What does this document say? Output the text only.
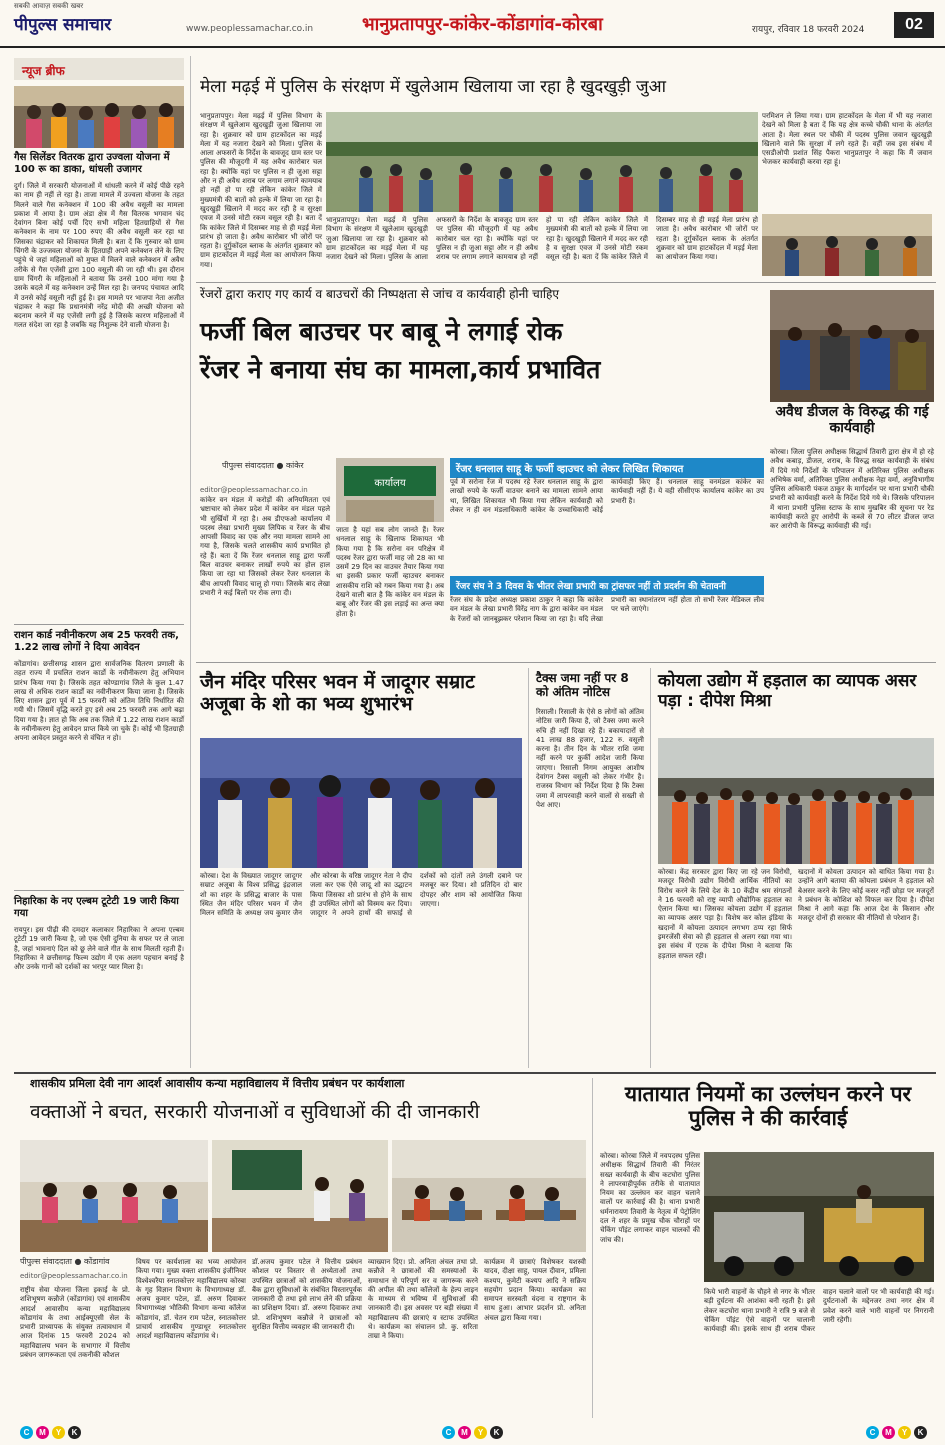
सबकी आवाज़ सबकी खबर
पीपुल्स समाचार	www.peoplessamachar.co.in	भानुप्रतापपुर-कांकेर-कोंडागांव-कोरबा	रायपुर, रविवार 18 फरवरी 2024	02
न्यूज ब्रीफ
गैस सिलेंडर वितरक द्वारा उज्वला योजना में 100 रू का डाका, धांधली उजागर
दुर्ग। जिले में सरकारी योजनाओं में धांधली करने में कोई पीछे रहने का नाम ही नहीं ले रहा है। ताजा मामले में उज्वला योजना के तहत मिलने वाले गैस कनेक्शन में 100 की अवैध वसूली का मामला प्रकाश में आया है। ग्राम अंडा क्षेत्र में गैस वितरक भगवान चंद देवांगन बिना कोई पर्ची दिए सभी महिला हितग्राहियों से गैस कनेक्शन के नाम पर 100 रुपए की अवैध वसूली कर रहा था जिसका चंद्राकर को शिकायत मिली है। बता दें कि गुरुवार को ग्राम चिंगरी के उज्जवला योजना के हितग्राही अपने कनेक्शन लेने के लिए पहुंचे थे जहां महिलाओं को मुफ्त में मिलने वाले कनेक्शन में अवैध तरीके से गैस एजेंसी द्वारा 100 वसूली की जा रही थी। इस दौरान ग्राम चिंगरी के महिलाओं ने बताया कि उनसे 100 मांगा गया है उसके बदले में वह कनेक्शन उन्हें मिल रहा है। जनपद पंचायत आदि में उनसे कोई वसूली नहीं हुई है। इस मामले पर भाजपा नेता अजीत चंद्राकर ने कहा कि प्रधानमंत्री नरेंद्र मोदी की अच्छी योजना को बदनाम करने में यह एजेंसी लगी हुई है जिसके कारण महिलाओं में गलत संदेश जा रहा है जबकि यह निशुल्क देने वाली योजना है।
राशन कार्ड नवीनीकरण अब 25 फरवरी तक, 1.22 लाख लोगों ने दिया आवेदन
कोंडागांव। छत्तीसगढ़ शासन द्वारा सार्वजनिक वितरण प्रणाली के तहत राज्य में प्रचलित राशन कार्डो के नवीनीकरण हेतु अभियान प्रारंभ किया गया है। जिसके तहत कोण्डागांव जिले के कुल 1.47 लाख से अधिक राशन कार्डों का नवीनीकरण किया जाना है। जिसके लिए शासन द्वारा पूर्व में 15 फरवरी को अंतिम तिथि निर्धारित की गयी थी। जिसमें वृद्धि करते हुए इसे अब 25 फरवरी तक आगे बढ़ा दिया गया है। ज्ञात हो कि अब तक जिले में 1.22 लाख राशन कार्डो के नवीनीकरण हेतु आवेदन प्राप्त किये जा चुके हैं। कोई भी हितग्राही अपना आवेदन प्रस्तुत करने से वंचित न हो।
निहारिका के नए एल्बम टूटेटी 19 जारी किया गया
रायपुर। इस पीढ़ी की दमदार कलाकार निहारिका ने अपना एल्बम टूटेटी 19 जारी किया है, जो एक ऐसी दुनिया के सफर पर ले जाता है, जहां भावनाएं दिल को छू लेने वाले गीत के साथ मिलती रहती हैं। निहारिका ने छत्तीसगढ़ फिल्म उद्योग में एक अलग पहचान बनाई है और उनके गानों को दर्शकों का भरपूर प्यार मिला है।
मेला मढ़ई में पुलिस के संरक्षण में खुलेआम खिलाया जा रहा है खुदखुड़ी जुआ
भानुप्रतापपुर। मेला मढ़ई में पुलिस विभाग के संरक्षण में खुलेआम खुदखुड़ी जुआ खिलाया जा रहा है। शुक्रवार को ग्राम हाटकोंदल का मड़ई मेला में यह नजारा देखने को मिला। पुलिस के आला अफसरों के निर्देश के बावजूद ग्राम स्तर पर पुलिस की मौजूदगी में यह अवैध कारोबार चल रहा है। क्योंकि यहां पर पुलिस न ही जुआ सट्टा और न ही अवैध शराब पर लगाम लगाने कामयाब हो नहीं हो पा रही लेकिन कांकेर जिले में मुख्यमंत्री की बातों को हल्के में लिया जा रहा है। खुदखुड़ी खिलाने में मदद कर रही है व सुरक्षा एवज में उनसे मोटी रकम वसूल रही है। बता दें कि कांकेर जिले में दिसम्बर माह से ही मड़ई मेला प्रारंभ हो जाता है। अवैध कारोबार भी जोरों पर रहता है। दुर्गुकोंदल ब्लाक के अंतर्गत शुक्रवार को ग्राम हाटकोंदल में मड़ई मेला का आयोजन किया गया।
परमिशन ले लिया गया। ग्राम हाटकोंदल के मेला में भी यह नजारा देखने को मिला है बता दें कि यह क्षेत्र कच्चे चौकी थाना के अंतर्गत आता है। मेला स्थल पर चौकी में पदस्थ पुलिस जवान खुदखुड़ी खिलाने वाले कि सुरक्षा में लगे रहते हैं। वहीं जब इस संबंध में एसडीओपी प्रशांत सिंह पैकरा भानुप्रतापुर ने कहा कि मैं जवान भेजकर कार्यवाही करवा रहा हूं।
भानुप्रतापपुर। मेला मढ़ई में पुलिस विभाग के संरक्षण में खुलेआम खुदखुड़ी जुआ खिलाया जा रहा है। शुक्रवार को ग्राम हाटकोंदल का मड़ई मेला में यह नजारा देखने को मिला। पुलिस के आला अफसरों के निर्देश के बावजूद ग्राम स्तर पर पुलिस की मौजूदगी में यह अवैध कारोबार चल रहा है। क्योंकि यहां पर पुलिस न ही जुआ सट्टा और न ही अवैध शराब पर लगाम लगाने कामयाब हो नहीं हो पा रही लेकिन कांकेर जिले में मुख्यमंत्री की बातों को हल्के में लिया जा रहा है। खुदखुड़ी खिलाने में मदद कर रही है व सुरक्षा एवज में उनसे मोटी रकम वसूल रही है। बता दें कि कांकेर जिले में दिसम्बर माह से ही मड़ई मेला प्रारंभ हो जाता है। अवैध कारोबार भी जोरों पर रहता है। दुर्गुकोंदल ब्लाक के अंतर्गत शुक्रवार को ग्राम हाटकोंदल में मड़ई मेला का आयोजन किया गया।
रेंजरों द्वारा कराए गए कार्य व बाउचरों की निष्पक्षता से जांच व कार्यवाही होनी चाहिए
फर्जी बिल बाउचर पर बाबू ने लगाई रोक
रेंजर ने बनाया संघ का मामला,कार्य प्रभावित
अवैध डीजल के विरुद्ध की गई कार्यवाही
कोरबा। जिला पुलिस अधीक्षक सिद्धार्थ तिवारी द्वारा क्षेत्र में हो रहे अवैध कबाड़, डीजल, शराब, के विरुद्ध सख्त कार्यवाही के संबंध में दिये गये निर्देशों के परिपालन में अतिरिक्त पुलिस अधीक्षक अभिषेक वर्मा, अतिरिक्त पुलिस अधीक्षक नेहा वर्मा, अनुविभागीय पुलिस अधिकारी पंकज ठाकुर के मार्गदर्शन पर थाना प्रभारी चौकी प्रभारी को कार्यवाही करने के निर्देश दिये गये थे। जिसके परिपालन में थाना प्रभारी पुलिस स्टाफ के साथ मुखबिर की सूचना पर रेड कार्यवाही करते हुए आरोपी के कब्जे से 70 लीटर डीजल जप्त कर आरोपी के विरूद्ध कार्यवाही की गई।
पीपुल्स संवाददाता ● कांकेर
editor@peoplessamachar.co.in
कार्यालय
कांकेर वन मंडल में करोड़ों की अनियमितता एवं भ्रष्टाचार को लेकर प्रदेश में कांकेर वन मंडल पहले भी सुर्खियों में रहा है। अब डीएफओ कार्यालय में पदस्थ लेखा प्रभारी मुख्य लिपिक व रेंजर के बीच आपसी विवाद का एक और नया मामला सामने आ गया है, जिसके चलते शासकीय कार्य प्रभावित हो रहे हैं। बता दें कि रेंजर धनलाल साहू द्वारा फर्जी बिल वाउचर बनाकर लाखों रुपये का होल हाल किया जा रहा था जिसको लेकर रेंजर धनलाल के बीच आपसी विवाद चालू हो गया। जिसके बाद लेखा प्रभारी ने कई बिलों पर रोक लगा दी।
जाता है यहां सब लोग जानते हैं। रेंजर धनलाल साहू के खिलाफ शिकायत भी किया गया है कि सरोना वन परिक्षेत्र में पदस्थ रेंजर द्वारा फर्जी माह जो 28 का था उसमें 29 दिन का वाउचर तैयार किया गया था इसकी प्रकार फर्जी व्हाउचर बनाकर शासकीय राशि को गबन किया गया है। अब देखने वाली बात है कि कांकेर वन मंडल के बाबू और रेंजर की इस लड़ाई का अन्त क्या होता है।
रेंजर धनलाल साहू के फर्जी व्हाउचर को लेकर लिखित शिकायत
पूर्व में सरोना रेंज में पदस्थ रहे रेंजर धनलाल साहू के द्वारा लाखों रुपये के फर्जी वाउचर बनाने का मामला सामने आया था, लिखित शिकायत भी किया गया लेकिन कार्यवाही को लेकर न ही वन मंडलाधिकारी कांकेर के उच्चाधिकारी कोई कार्यवाही किए हैं। धनलाल साहू वनमंडल कांकेर का कार्यवाही नहीं हैं। ये वही सीसीएफ कार्यालय कांकेर का उप प्रभारी है।
रेंजर संघ ने 3 दिवस के भीतर लेखा प्रभारी का ट्रांसफर नहीं तो प्रदर्शन की चेतावनी
रेंजर संघ के प्रदेश अध्यक्ष प्रकाश ठाकुर ने कहा कि कांकेर वन मंडल के लेखा प्रभारी विरेंद्र नाग के द्वारा कांकेर वन मंडल के रेंजरों को जानबूझकर परेशान किया जा रहा है। यदि लेखा प्रभारी का स्थानांतरण नहीं होता तो सभी रेंजर मेडिकल लीव पर चले जाएंगे।
जैन मंदिर परिसर भवन में जादूगर सम्राट अजूबा के शो का भव्य शुभारंभ
कोरबा। देश के विख्यात जादूगर जादूगर सम्राट अजूबा के विश्व प्रसिद्ध इंद्रजाल शो का शहर के प्रसिद्ध बाजार के पास स्थित जैन मंदिर परिसर भवन में जैन मिलन समिति के अध्यक्ष जय कुमार जैन और कोरबा के वरिष्ठ जादूगर नेता ने दीप जला कर एक ऐसे जादू शो का उद्घाटन किया जिसका शो प्रारंभ से होने के साथ ही उपस्थित लोगों को विस्मय कर दिया। जादूगर ने अपने हाथों की सफाई से दर्शकों को दांतों तले उंगली दबाने पर मजबूर कर दिया। शो प्रतिदिन दो बार दोपहर और शाम को आयोजित किया जाएगा।
टैक्स जमा नहीं पर 8 को अंतिम नोटिस
रिसाली। रिसाली के ऐसे 8 लोगों को अंतिम नोटिस जारी किया है, जो टैक्स जमा करने रुचि ही नहीं दिखा रहे हैं। बकायादारों से 41 लाख 88 हजार, 122 रु. वसूली करना है। तीन दिन के भीतर राशि जमा नहीं करने पर कुर्की आदेश जारी किया जाएगा। रिसाली निगम आयुक्त आशीष देवांगन टैक्स वसूली को लेकर गंभीर है। राजस्व विभाग को निर्देश दिया है कि टैक्स जमा में लापरवाही करने वालों से सख्ती से पेश आए।
कोयला उद्योग में हड़ताल का व्यापक असर पड़ा : दीपेश मिश्रा
कोरबा। केंद्र सरकार द्वारा किए जा रहे जन विरोधी, मजदूर विरोधी उद्योग विरोधी आर्थिक नीतियों का विरोध करने के लिये देश के 10 केंद्रीय श्रम संगठनों ने 16 फरवरी को राष्ट्र व्यापी औद्योगिक हड़ताल का ऐलान किया था। जिसका कोयला उद्योग में हड़ताल का व्यापक असर पड़ा है। विशेष कर कोल इंडिया के खदानों में कोयला उत्पादन लगभग ठप्प रहा सिर्फ इमरजेंसी सेवा को ही हड़ताल से अलग रखा गया था। इस संबंध में एटक के दीपेश मिश्रा ने बताया कि हड़ताल सफल रही।
खदानों में कोयला उत्पादन को बाधित किया गया है। उन्होंने आगे बताया की कोयला प्रबंधन ने हड़ताल को बेअसर करने के लिए कोई कसर नहीं छोड़ा पर मजदूरों ने प्रबंधन के कोशिश को विफल कर दिया है। दीपेश मिश्रा ने आगे कहा कि आज देश के किसान और मजदूर दोनों ही सरकार की नीतियों से परेशान हैं।
शासकीय प्रमिला देवी नाग आदर्श आवासीय कन्या महाविद्यालय में वित्तीय प्रबंधन पर कार्यशाला
वक्ताओं ने बचत, सरकारी योजनाओं व सुविधाओं की दी जानकारी
पीपुल्स संवाददाता ● कोंडागांव
editor@peoplessamachar.co.in
राष्ट्रीय सेवा योजना जिला इकाई के प्रो. शशिभूषण कन्नौजे (कोंडागांव) एवं शासकीय आदर्श आवासीय कन्या महाविद्यालय कोंडागांव के तथा आईक्यूएसी सेल के प्रभारी प्राध्यापक के संयुक्त तत्वावधान में आज दिनांक 15 फरवरी 2024 को महाविद्यालय भवन के सभागार में वित्तीय प्रबंधन जागरूकता एवं तकनीकी कौशल
विषय पर कार्यशाला का भव्य आयोजन किया गया। मुख्य वक्ता शासकीय इंजीनियर विश्वेश्वरैया स्नातकोत्तर महाविद्यालय कोरबा के गृह विज्ञान विभाग के विभागाध्यक्ष डॉ. अजय कुमार पटेल, डॉ. अरुण दिवाकर विभागाध्यक्ष भौतिकी विभाग कन्या कॉलेज कोंडागांव, डॉ. चेतन राम पटेल, स्नातकोत्तर प्राचार्य शासकीय गुण्डाधूर स्नातकोत्तर आदर्श महाविद्यालय कोंडागांव थे।
डॉ.अजय कुमार पटेल ने वित्तीय प्रबंधन कौशल पर विस्तार से अध्येताओं तथा उपस्थित छात्राओं को शासकीय योजनाओं, बैंक द्वारा सुविधाओं के संबंधित विस्तारपूर्वक जानकारी दी तथा इसे लाभ लेने की प्रक्रिया का प्रशिक्षण दिया। डॉ. अरुण दिवाकर तथा प्रो. शशिभूषण कन्नौजे ने छात्राओं को सुरक्षित वित्तीय व्यवहार की जानकारी दी।
व्याख्यान दिए। प्रो. अनिता अंचल तथा प्रो. कन्नौजे ने छात्राओं की समस्याओं के समाधान से परिपूर्ण सर व जागरूक करने की अपील की तथा कॉलेजों के हेल्प लाइन के माध्यम से भविष्य में सुविधाओं की जानकारी दी। इस अवसर पर बड़ी संख्या में महाविद्यालय की छात्राएं व स्टाफ उपस्थित थे। कार्यक्रम का संचालन प्रो. कु. सरिता ताम्रा ने किया।
कार्यक्रम में छात्राएं विशेषकर यशस्वी यादव, दीक्षा साहू, पायल दीवान, प्रमिला कश्यप, कुमेटी कश्यप आदि ने सक्रिय सहयोग प्रदान किया। कार्यक्रम का समापन सरस्वती वंदना व राष्ट्रगान के साथ हुआ। आभार प्रदर्शन प्रो. अनिता अंचल द्वारा किया गया।
यातायात नियमों का उल्लंघन करने पर पुलिस ने की कार्रवाई
कोरबा। कोरबा जिले में नवपदस्थ पुलिस अधीक्षक सिद्धार्थ तिवारी की निरंतर सख्त कार्यवाही के बीच कटघोरा पुलिस ने लापरवाहीपूर्वक तरीके से यातायात नियम का उल्लंघन कर वाहन चलाने वालों पर कार्रवाई की है। थाना प्रभारी धर्मनारायण तिवारी के नेतृत्व में पेट्रोलिंग दल ने शहर के प्रमुख चौक चौराहों पर चेकिंग पॉइंट लगाकर वाहन चालकों की जांच की।
किये भारी वाहनों के चौहने से नगर के भीतर बड़ी दुर्घटना की आशंका बनी रहती है। इसे लेकर कटघोरा थाना प्रभारी ने रात्रि 9 बजे से चेकिंग पॉइंट ऐसे वाहनों पर चालानी कार्यवाही की। इसके साथ ही शराब पीकर वाहन चलाने वालों पर भी कार्यवाही की गई। दुर्घटनाओं के मद्देनजर तथा नगर क्षेत्र में प्रवेश करने वाले भारी वाहनों पर निगरानी जारी रहेगी।
C	M	Y	K	C	M	Y	K	C	M	Y	K
